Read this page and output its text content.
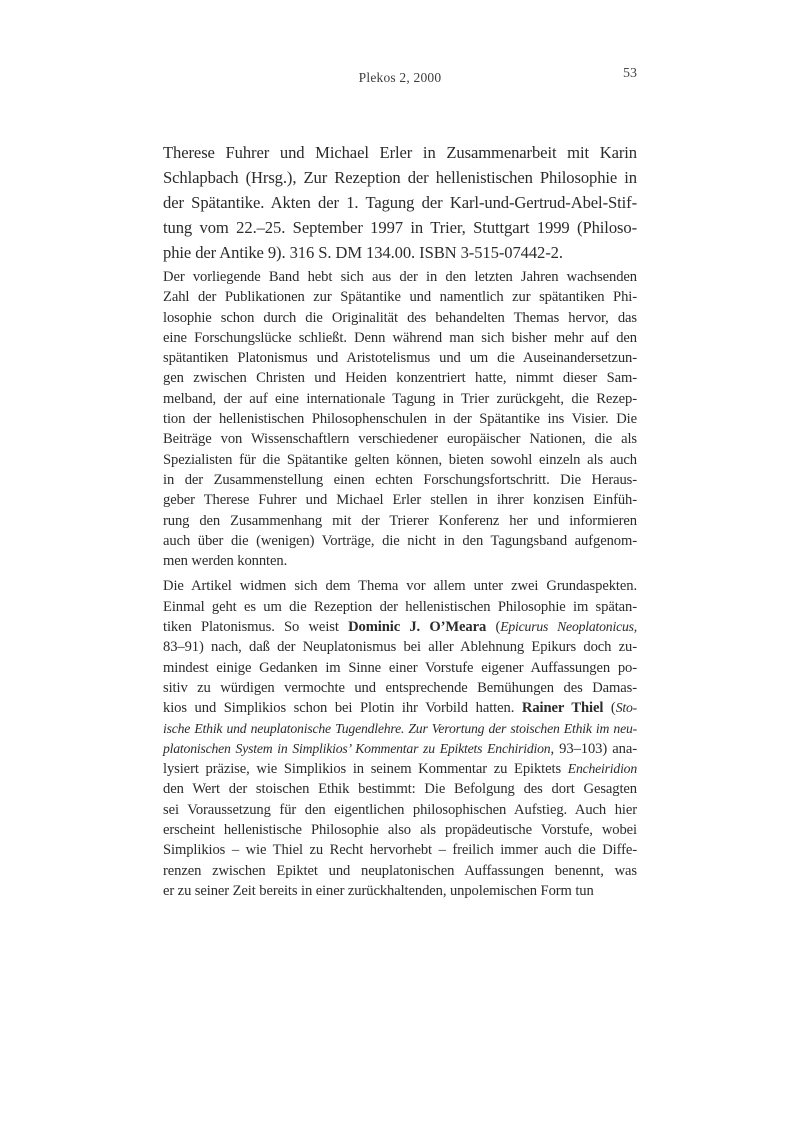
Plekos 2, 2000	53
Therese Fuhrer und Michael Erler in Zusammenarbeit mit Karin
Schlapbach (Hrsg.), Zur Rezeption der hellenistischen Philosophie in
der Spätantike. Akten der 1. Tagung der Karl-und-Gertrud-Abel-Stif-
tung vom 22.–25. September 1997 in Trier, Stuttgart 1999 (Philoso-
phie der Antike 9). 316 S. DM 134.00. ISBN 3-515-07442-2.
Der vorliegende Band hebt sich aus der in den letzten Jahren wachsenden
Zahl der Publikationen zur Spätantike und namentlich zur spätantiken Phi-
losophie schon durch die Originalität des behandelten Themas hervor, das
eine Forschungslücke schließt. Denn während man sich bisher mehr auf den
spätantiken Platonismus und Aristotelismus und um die Auseinandersetzun-
gen zwischen Christen und Heiden konzentriert hatte, nimmt dieser Sam-
melband, der auf eine internationale Tagung in Trier zurückgeht, die Rezep-
tion der hellenistischen Philosophenschulen in der Spätantike ins Visier. Die
Beiträge von Wissenschaftlern verschiedener europäischer Nationen, die als
Spezialisten für die Spätantike gelten können, bieten sowohl einzeln als auch
in der Zusammenstellung einen echten Forschungsfortschritt. Die Heraus-
geber Therese Fuhrer und Michael Erler stellen in ihrer konzisen Einfüh-
rung den Zusammenhang mit der Trierer Konferenz her und informieren
auch über die (wenigen) Vorträge, die nicht in den Tagungsband aufgenom-
men werden konnten.
Die Artikel widmen sich dem Thema vor allem unter zwei Grundaspekten.
Einmal geht es um die Rezeption der hellenistischen Philosophie im spätan-
tiken Platonismus. So weist Dominic J. O’Meara (Epicurus Neoplatonicus,
83–91) nach, daß der Neuplatonismus bei aller Ablehnung Epikurs doch zu-
mindest einige Gedanken im Sinne einer Vorstufe eigener Auffassungen po-
sitiv zu würdigen vermochte und entsprechende Bemühungen des Damas-
kios und Simplikios schon bei Plotin ihr Vorbild hatten. Rainer Thiel (Sto-
ische Ethik und neuplatonische Tugendlehre. Zur Verortung der stoischen Ethik im neu-
platonischen System in Simplikios’ Kommentar zu Epiktets Enchiridion, 93–103) ana-
lysiert präzise, wie Simplikios in seinem Kommentar zu Epiktets Encheiridion
den Wert der stoischen Ethik bestimmt: Die Befolgung des dort Gesagten
sei Voraussetzung für den eigentlichen philosophischen Aufstieg. Auch hier
erscheint hellenistische Philosophie also als propädeutische Vorstufe, wobei
Simplikios – wie Thiel zu Recht hervorhebt – freilich immer auch die Diffe-
renzen zwischen Epiktet und neuplatonischen Auffassungen benennt, was
er zu seiner Zeit bereits in einer zurückhaltenden, unpolemischen Form tun
